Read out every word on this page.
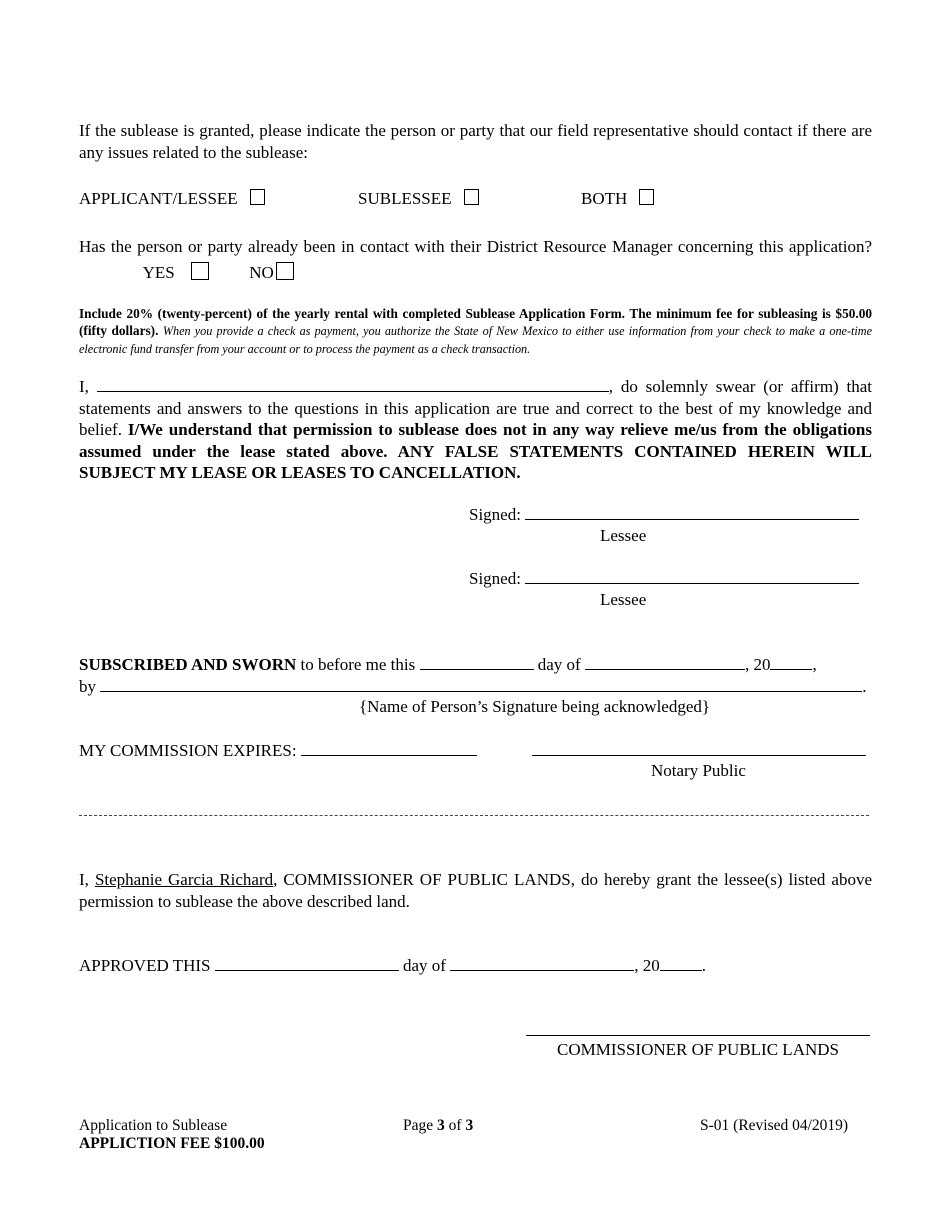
If the sublease is granted, please indicate the person or party that our field representative should contact if there are any issues related to the sublease:
APPLICANT/LESSEE	SUBLESSEE	BOTH
Has the person or party already been in contact with their District Resource Manager concerning this application?  YES	NO
Include 20% (twenty-percent) of the yearly rental with completed Sublease Application Form. The minimum fee for subleasing is $50.00 (fifty dollars). When you provide a check as payment, you authorize the State of New Mexico to either use information from your check to make a one-time electronic fund transfer from your account or to process the payment as a check transaction.
I,	, do solemnly swear (or affirm) that statements and answers to the questions in this application are true and correct to the best of my knowledge and belief. I/We understand that permission to sublease does not in any way relieve me/us from the obligations assumed under the lease stated above. ANY FALSE STATEMENTS CONTAINED HEREIN WILL SUBJECT MY LEASE OR LEASES TO CANCELLATION.
Signed:
Lessee
Signed:
Lessee
SUBSCRIBED AND SWORN to before me this	day of	, 20 ,
by	.
{Name of Person’s Signature being acknowledged}
MY COMMISSION EXPIRES:
Notary Public
I, Stephanie Garcia Richard, COMMISSIONER OF PUBLIC LANDS, do hereby grant the lessee(s) listed above permission to sublease the above described land.
APPROVED THIS	day of	, 20 .
COMMISSIONER OF PUBLIC LANDS
Application to Sublease
APPLICTION FEE $100.00
Page 3 of 3	S-01 (Revised 04/2019)
